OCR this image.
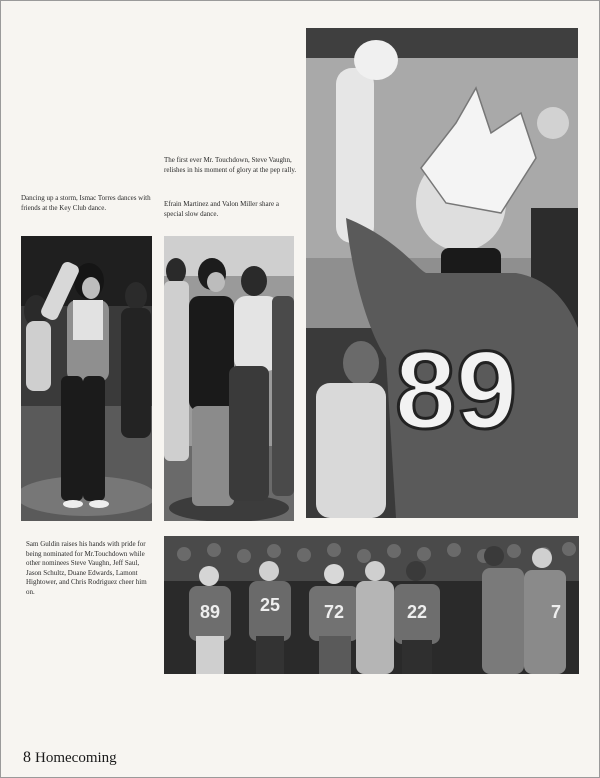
Dancing up a storm, Ismac Torres dances with friends at the Key Club dance.

The first ever Mr. Touchdown, Steve Vaughn, relishes in his moment of glory at the pep rally.

Efrain Martinez and Valon Miller share a special slow dance.

Sam Guldin raises his hands with pride for being nominated for Mr.Touchdown while other nominees Steve Vaughn, Jeff Saul, Jason Schultz, Duane Edwards, Lamont Hightower, and Chris Rodriguez cheer him on.

89
89 25 72	22	7
8 Homecoming
